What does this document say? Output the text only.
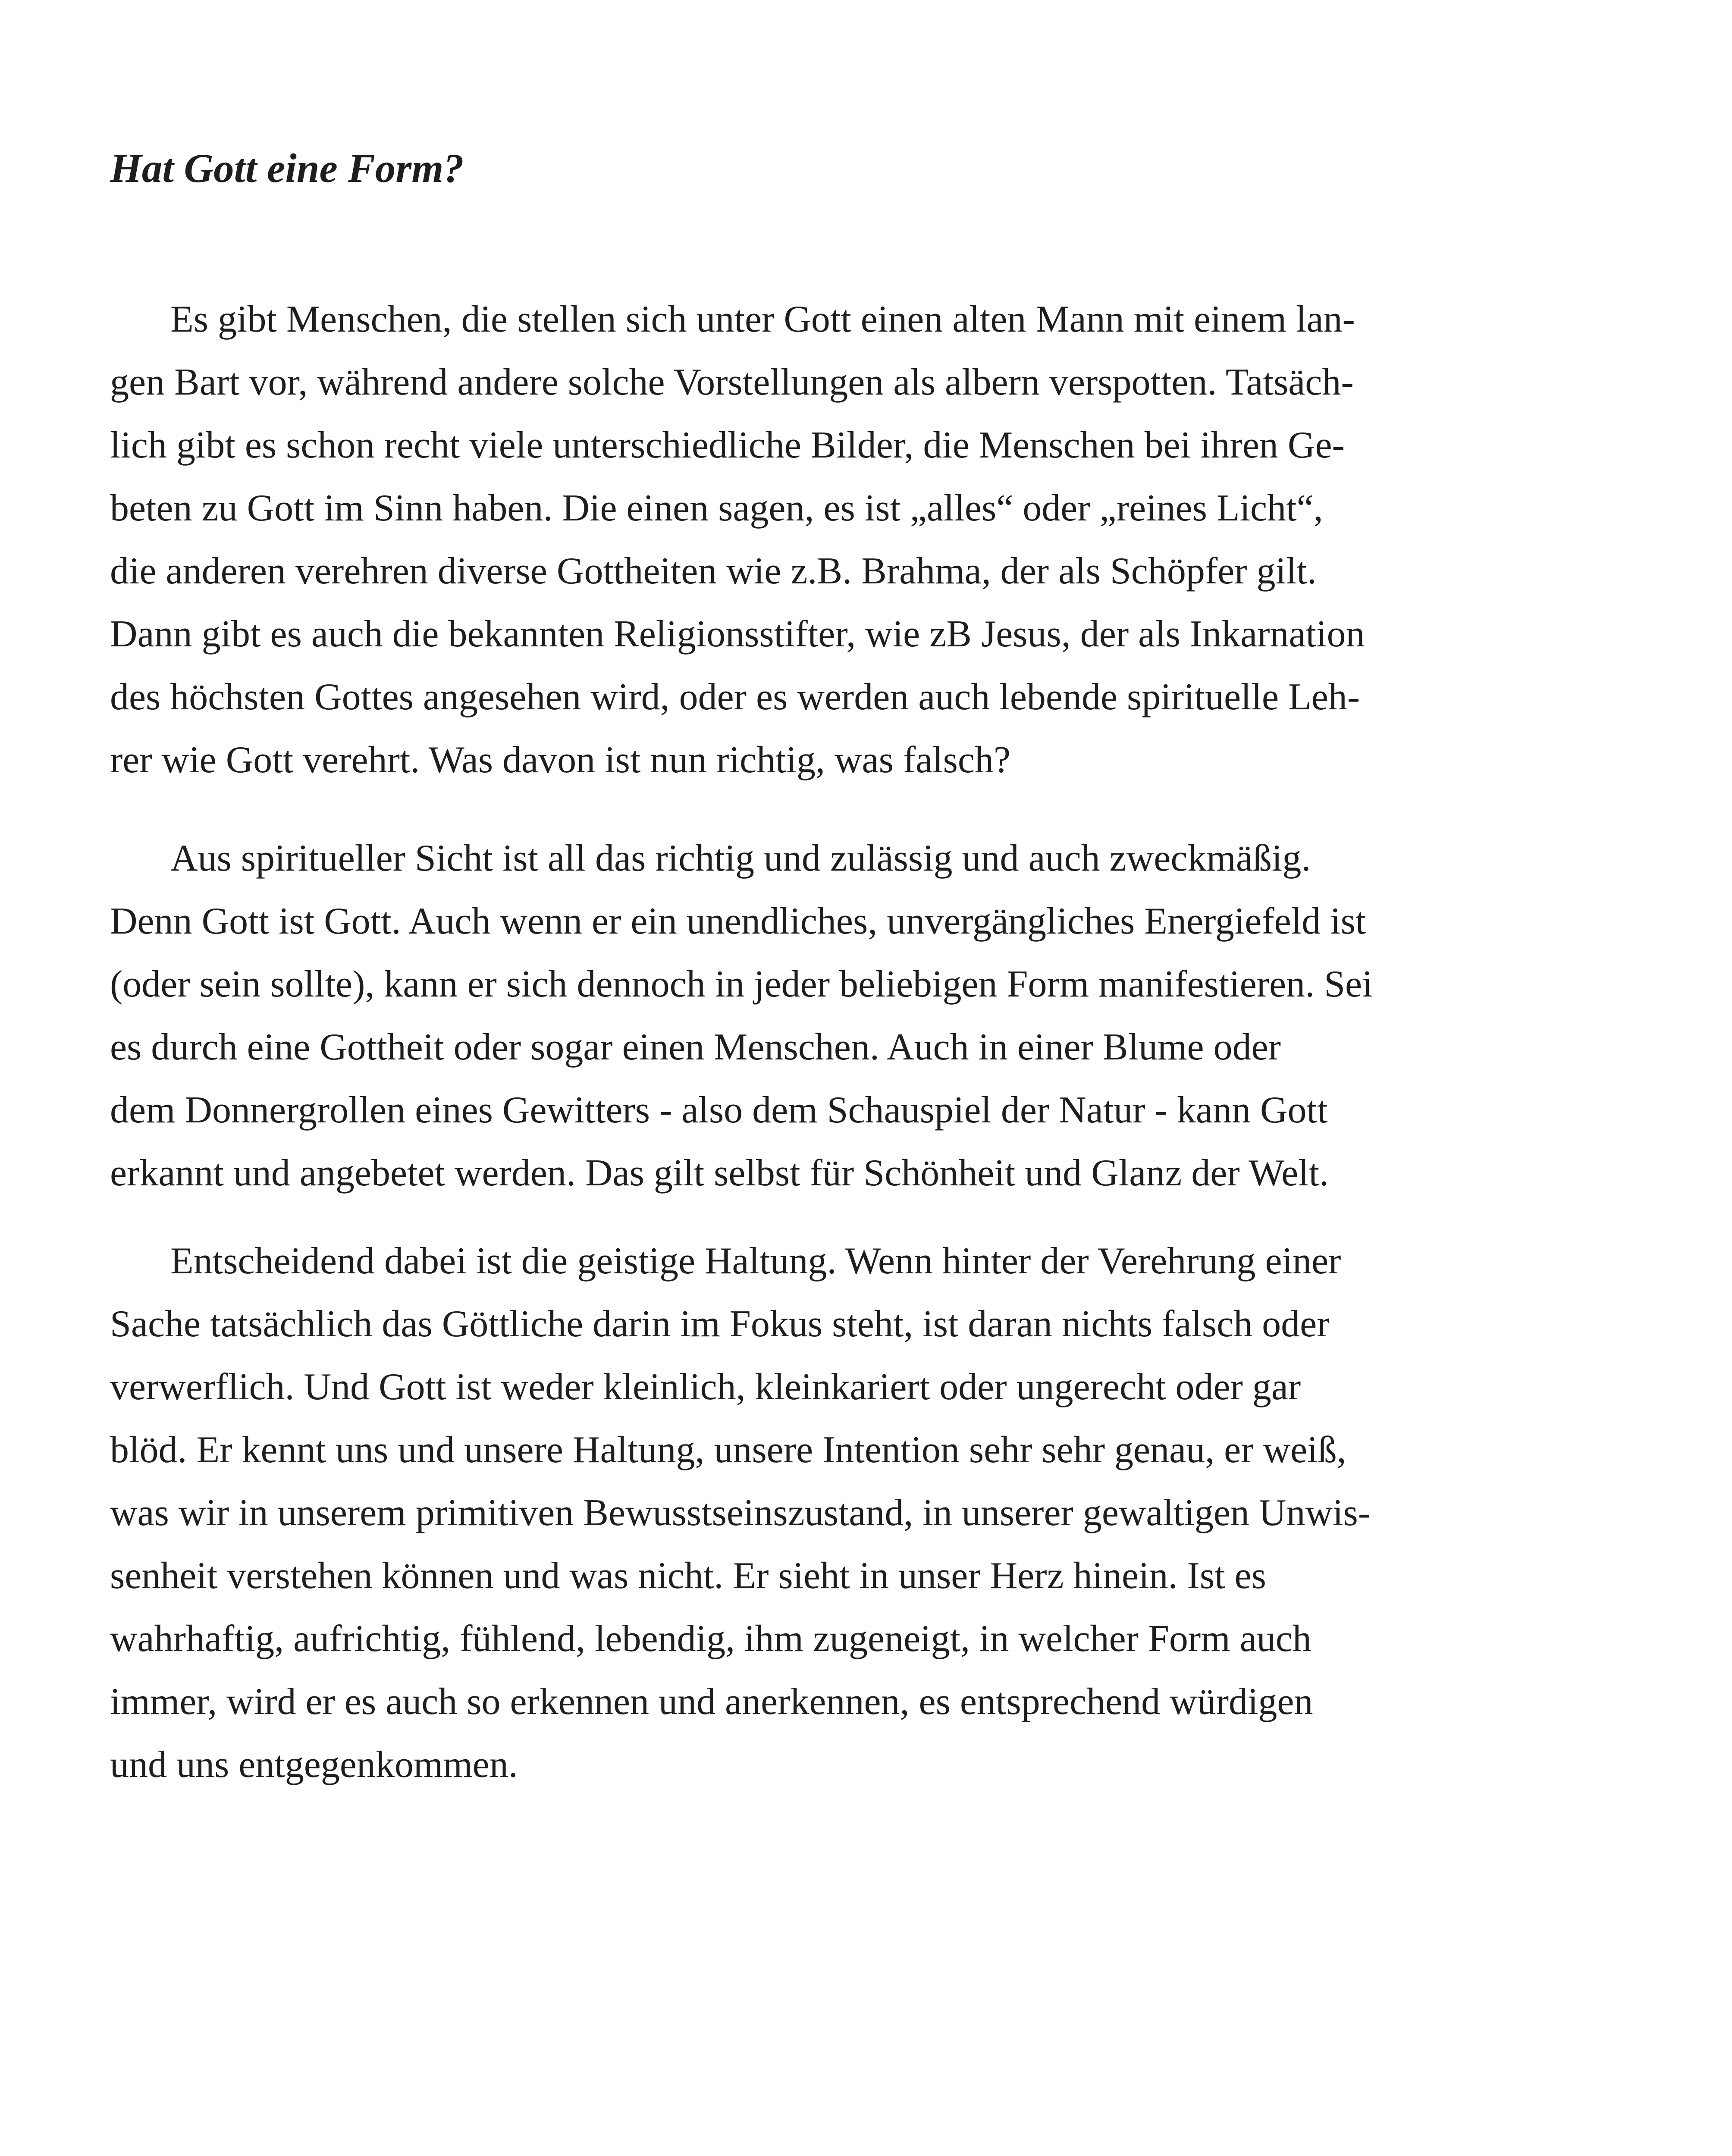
Hat Gott eine Form?
Es gibt Menschen, die stellen sich unter Gott einen alten Mann mit einem lan-
gen Bart vor, während andere solche Vorstellungen als albern verspotten. Tatsäch-
lich gibt es schon recht viele unterschiedliche Bilder, die Menschen bei ihren Ge-
beten zu Gott im Sinn haben. Die einen sagen, es ist „alles“ oder „reines Licht“,
die anderen verehren diverse Gottheiten wie z.B. Brahma, der als Schöpfer gilt.
Dann gibt es auch die bekannten Religionsstifter, wie zB Jesus, der als Inkarnation
des höchsten Gottes angesehen wird, oder es werden auch lebende spirituelle Leh-
rer wie Gott verehrt. Was davon ist nun richtig, was falsch?
Aus spiritueller Sicht ist all das richtig und zulässig und auch zweckmäßig.
Denn Gott ist Gott. Auch wenn er ein unendliches, unvergängliches Energiefeld ist
(oder sein sollte), kann er sich dennoch in jeder beliebigen Form manifestieren. Sei
es durch eine Gottheit oder sogar einen Menschen. Auch in einer Blume oder
dem Donnergrollen eines Gewitters - also dem Schauspiel der Natur - kann Gott
erkannt und angebetet werden. Das gilt selbst für Schönheit und Glanz der Welt.
Entscheidend dabei ist die geistige Haltung. Wenn hinter der Verehrung einer
Sache tatsächlich das Göttliche darin im Fokus steht, ist daran nichts falsch oder
verwerflich. Und Gott ist weder kleinlich, kleinkariert oder ungerecht oder gar
blöd. Er kennt uns und unsere Haltung, unsere Intention sehr sehr genau, er weiß,
was wir in unserem primitiven Bewusstseinszustand, in unserer gewaltigen Unwis-
senheit verstehen können und was nicht. Er sieht in unser Herz hinein. Ist es
wahrhaftig, aufrichtig, fühlend, lebendig, ihm zugeneigt, in welcher Form auch
immer, wird er es auch so erkennen und anerkennen, es entsprechend würdigen
und uns entgegenkommen.
